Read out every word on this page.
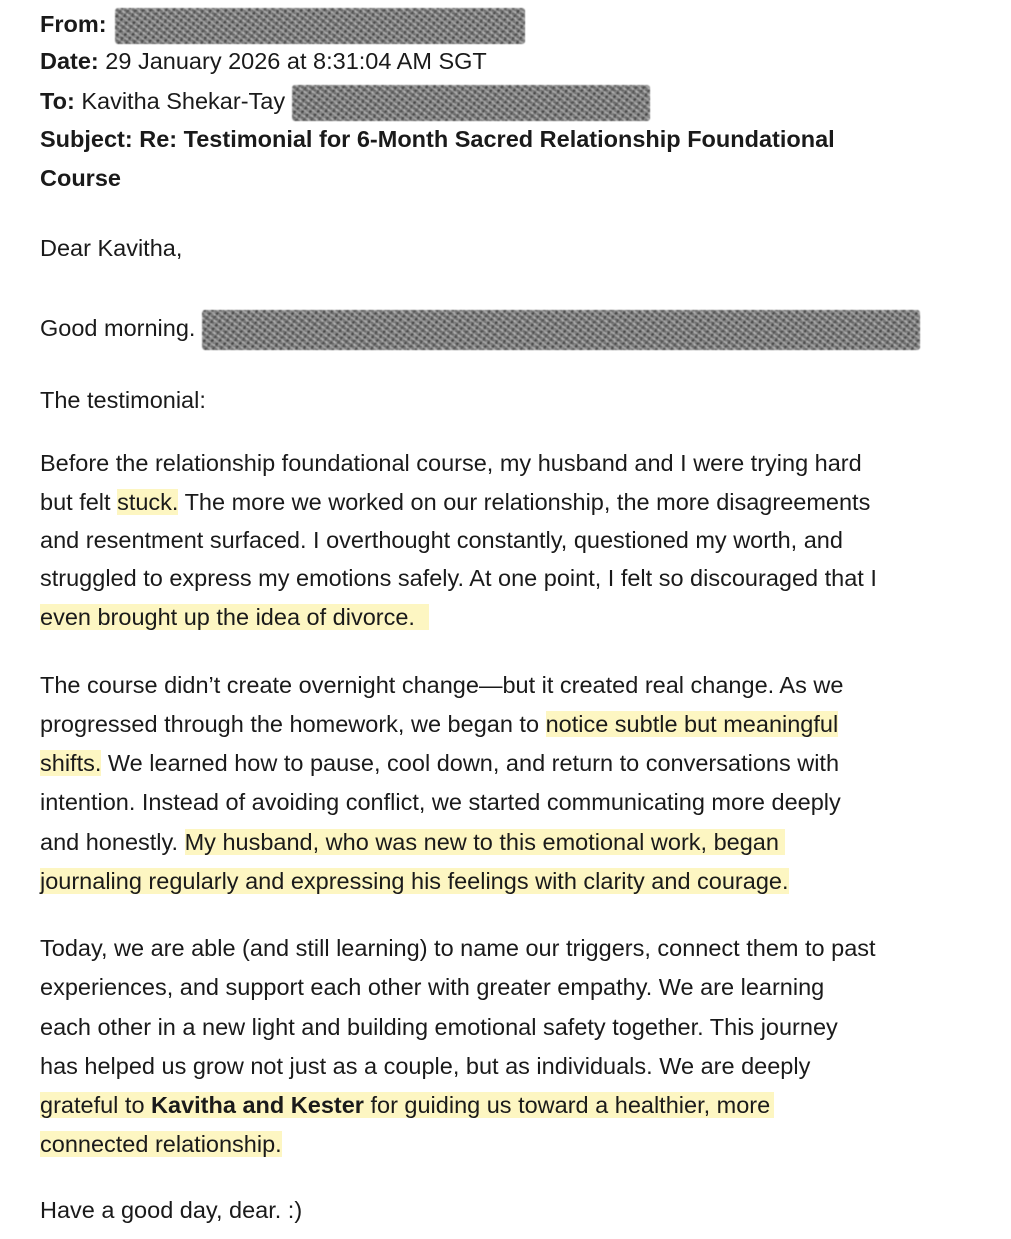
From:
Date: 29 January 2026 at 8:31:04 AM SGT
To: Kavitha Shekar-Tay
Subject: Re: Testimonial for 6-Month Sacred Relationship Foundational
Course
Dear Kavitha,
Good morning.
The testimonial:
Before the relationship foundational course, my husband and I were trying hard
but felt stuck. The more we worked on our relationship, the more disagreements
and resentment surfaced. I overthought constantly, questioned my worth, and
struggled to express my emotions safely. At one point, I felt so discouraged that I
even brought up the idea of divorce.
The course didn’t create overnight change—but it created real change. As we
progressed through the homework, we began to notice subtle but meaningful
shifts. We learned how to pause, cool down, and return to conversations with
intention. Instead of avoiding conflict, we started communicating more deeply
and honestly. My husband, who was new to this emotional work, began
journaling regularly and expressing his feelings with clarity and courage.
Today, we are able (and still learning) to name our triggers, connect them to past
experiences, and support each other with greater empathy. We are learning
each other in a new light and building emotional safety together. This journey
has helped us grow not just as a couple, but as individuals. We are deeply
grateful to Kavitha and Kester for guiding us toward a healthier, more
connected relationship.
Have a good day, dear. :)
